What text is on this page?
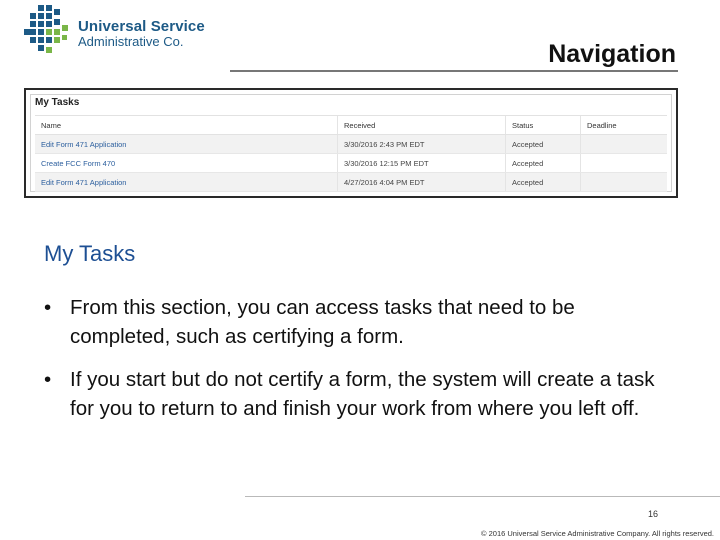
Universal Service
Administrative Co.	Navigation
My Tasks
Name	Received	Status	Deadline
Edit Form 471 Application	3/30/2016 2:43 PM EDT	Accepted	
Create FCC Form 470	3/30/2016 12:15 PM EDT	Accepted	
Edit Form 471 Application	4/27/2016 4:04 PM EDT	Accepted	
My Tasks
• From this section, you can access tasks that need to be completed, such as certifying a form.
• If you start but do not certify a form, the system will create a task for you to return to and finish your work from where you left off.
16
© 2016 Universal Service Administrative Company. All rights reserved.
